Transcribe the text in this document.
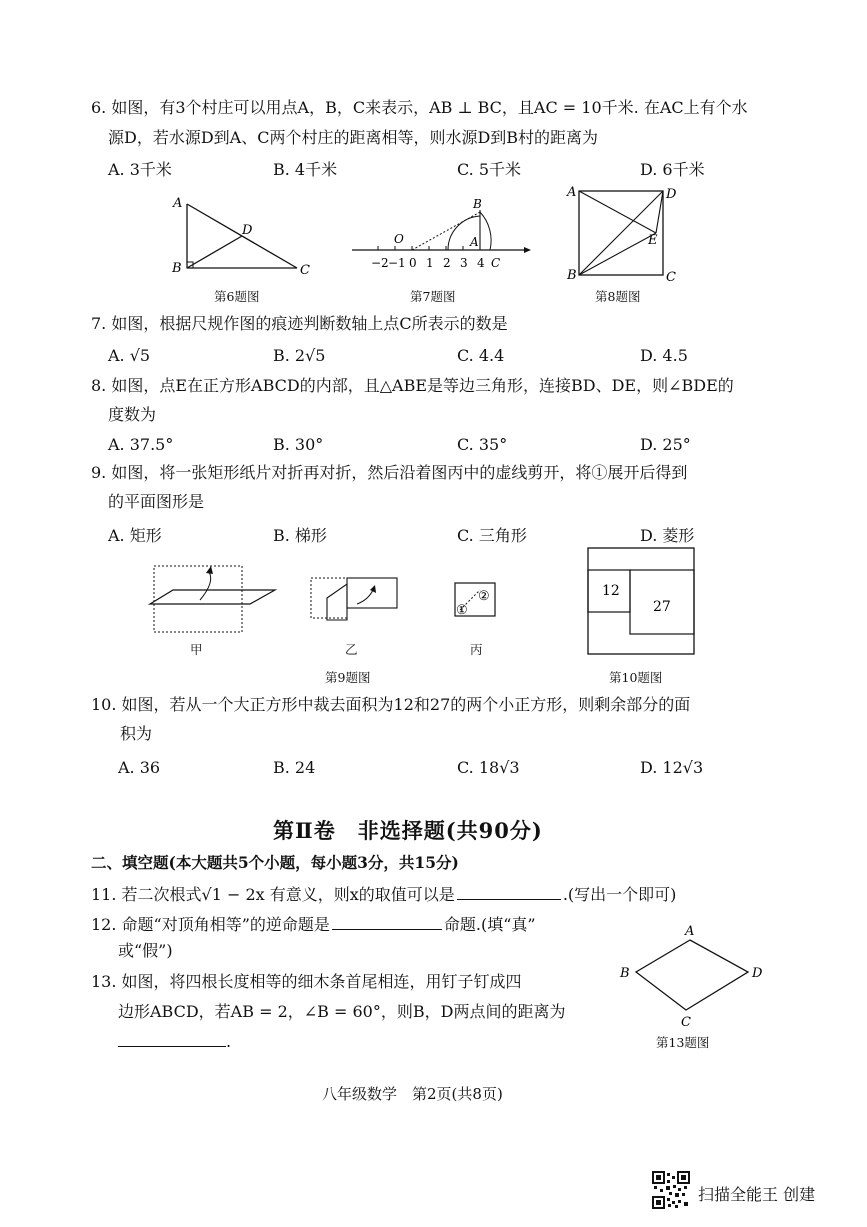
6. 如图，有3个村庄可以用点A，B，C来表示，AB ⊥ BC，且AC = 10千米. 在AC上有个水
源D，若水源D到A、C两个村庄的距离相等，则水源D到B村的距离为
A. 3千米	B. 4千米	C. 5千米	D. 6千米
A
B	C
D
第6题图
O	A
B
C
−2 −1 0 1 2 3 4
第7题图
A
B	C
D
E
第8题图
7. 如图，根据尺规作图的痕迹判断数轴上点C所表示的数是
A. √5	B. 2√5	C. 4.4	D. 4.5
8. 如图，点E在正方形ABCD的内部，且△ABE是等边三角形，连接BD、DE，则∠BDE的
度数为
A. 37.5°	B. 30°	C. 35°	D. 25°
9. 如图，将一张矩形纸片对折再对折，然后沿着图丙中的虚线剪开，将①展开后得到
的平面图形是
A. 矩形	B. 梯形	C. 三角形	D. 菱形
甲	乙
①
②
丙
第9题图
12
27
第10题图
10. 如图，若从一个大正方形中裁去面积为12和27的两个小正方形，则剩余部分的面
积为
A. 36	B. 24	C. 18√3	D. 12√3
第Ⅱ卷　非选择题(共90分)
二、填空题(本大题共5个小题，每小题3分，共15分)
11. 若二次根式√1 − 2x 有意义，则x的取值可以是	.(写出一个即可)
12. 命题“对顶角相等”的逆命题是	命题.(填“真”
或“假”)
13. 如图，将四根长度相等的细木条首尾相连，用钉子钉成四
边形ABCD，若AB = 2，∠B = 60°，则B，D两点间的距离为
.
A
B
C
D
第13题图
八年级数学　第2页(共8页)
扫描全能王 创建
